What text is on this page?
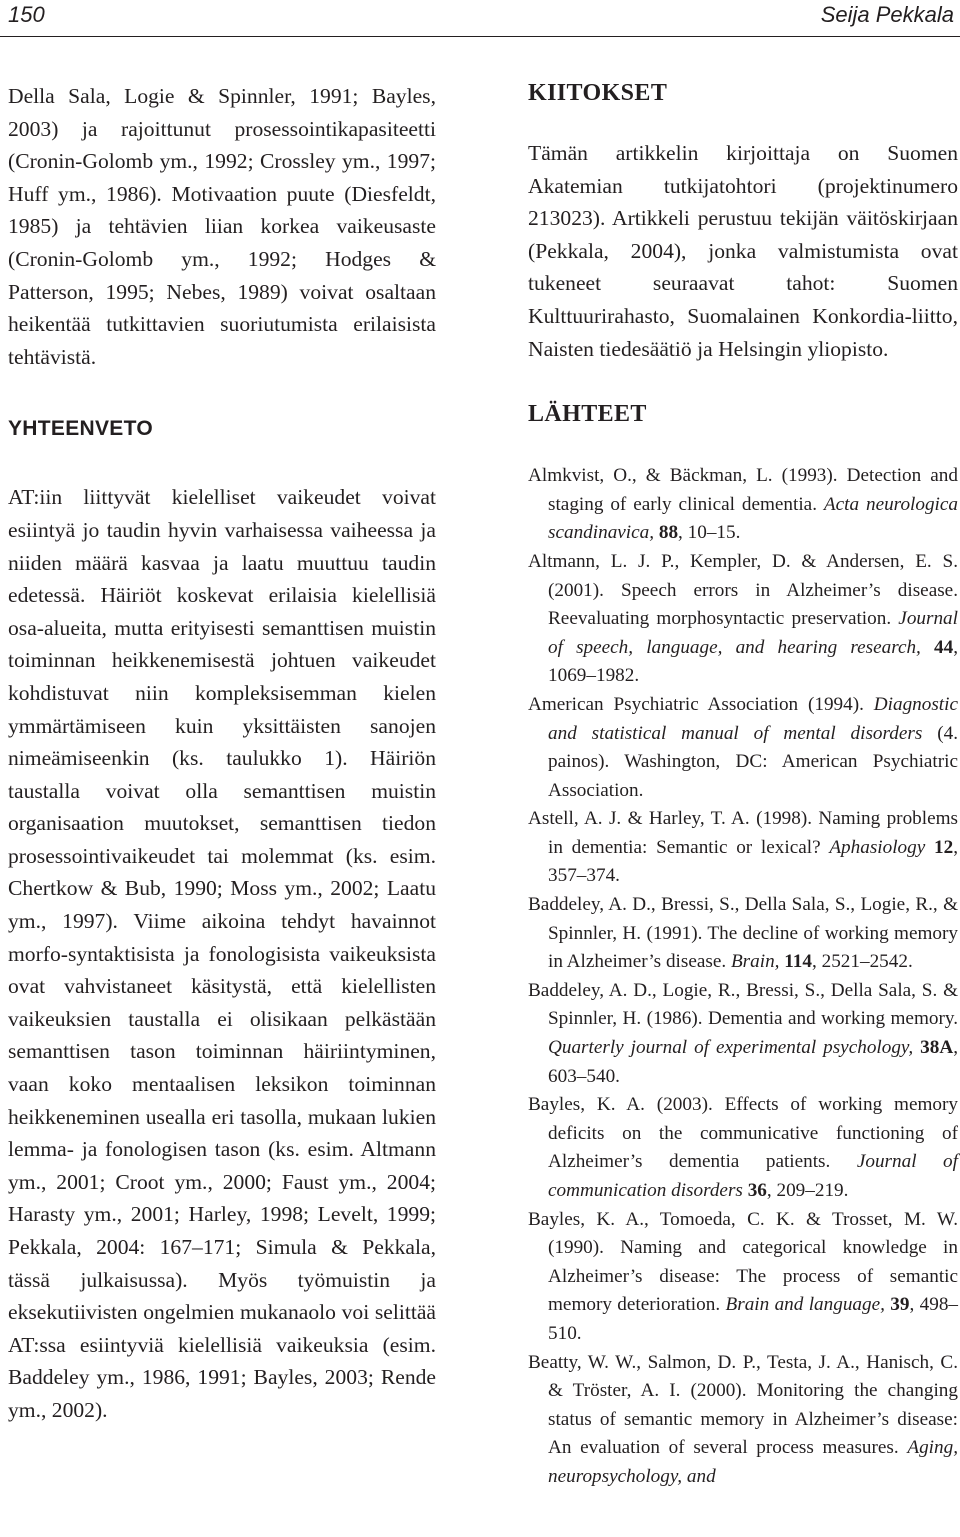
150	Seija Pekkala

Della Sala, Logie & Spinnler, 1991; Bayles, 2003) ja rajoittunut prosessointikapasiteetti (Cronin-Golomb ym., 1992; Crossley ym., 1997; Huff ym., 1986). Motivaation puute (Diesfeldt, 1985) ja tehtävien liian korkea vaikeusaste (Cronin-Golomb ym., 1992; Hodges & Patterson, 1995; Nebes, 1989) voivat osaltaan heikentää tutkittavien suoriutumista erilaisista tehtävistä.

YHTEENVETO

AT:iin liittyvät kielelliset vaikeudet voivat esiintyä jo taudin hyvin varhaisessa vaiheessa ja niiden määrä kasvaa ja laatu muuttuu taudin edetessä. Häiriöt koskevat erilaisia kielellisiä osa-alueita, mutta erityisesti semanttisen muistin toiminnan heikkenemisestä johtuen vaikeudet kohdistuvat niin kompleksisemman kielen ymmärtämiseen kuin yksittäisten sanojen nimeämiseenkin (ks. taulukko 1). Häiriön taustalla voivat olla semanttisen muistin organisaation muutokset, semanttisen tiedon prosessointivaikeudet tai molemmat (ks. esim. Chertkow & Bub, 1990; Moss ym., 2002; Laatu ym., 1997). Viime aikoina tehdyt havainnot morfo-syntaktisista ja fonologisista vaikeuksista ovat vahvistaneet käsitystä, että kielellisten vaikeuksien taustalla ei olisikaan pelkästään semanttisen tason toiminnan häiriintyminen, vaan koko mentaalisen leksikon toiminnan heikkeneminen usealla eri tasolla, mukaan lukien lemma- ja fonologisen tason (ks. esim. Altmann ym., 2001; Croot ym., 2000; Faust ym., 2004; Harasty ym., 2001; Harley, 1998; Levelt, 1999; Pekkala, 2004: 167–171; Simula & Pekkala, tässä julkaisussa). Myös työmuistin ja eksekutiivisten ongelmien mukanaolo voi selittää AT:ssa esiintyviä kielellisiä vaikeuksia (esim. Baddeley ym., 1986, 1991; Bayles, 2003; Rende ym., 2002).

KIITOKSET

Tämän artikkelin kirjoittaja on Suomen Akatemian tutkijatohtori (projektinumero 213023). Artikkeli perustuu tekijän väitöskirjaan (Pekkala, 2004), jonka valmistumista ovat tukeneet seuraavat tahot: Suomen Kulttuurirahasto, Suomalainen Konkordia-liitto, Naisten tiedesäätiö ja Helsingin yliopisto.

LÄHTEET
Almkvist, O., & Bäckman, L. (1993). Detection and staging of early clinical dementia. Acta neurologica scandinavica, 88, 10–15.
Altmann, L. J. P., Kempler, D. & Andersen, E. S. (2001). Speech errors in Alzheimer’s disease. Reevaluating morphosyntactic preservation. Journal of speech, language, and hearing research, 44, 1069–1982.
American Psychiatric Association (1994). Diagnostic and statistical manual of mental disorders (4. painos). Washington, DC: American Psychiatric Association.
Astell, A. J. & Harley, T. A. (1998). Naming problems in dementia: Semantic or lexical? Aphasiology 12, 357–374.
Baddeley, A. D., Bressi, S., Della Sala, S., Logie, R., & Spinnler, H. (1991). The decline of working memory in Alzheimer’s disease. Brain, 114, 2521–2542.
Baddeley, A. D., Logie, R., Bressi, S., Della Sala, S. & Spinnler, H. (1986). Dementia and working memory. Quarterly journal of experimental psychology, 38A, 603–540.
Bayles, K. A. (2003). Effects of working memory deficits on the communicative functioning of Alzheimer’s dementia patients. Journal of communication disorders 36, 209–219.
Bayles, K. A., Tomoeda, C. K. & Trosset, M. W. (1990). Naming and categorical knowledge in Alzheimer’s disease: The process of semantic memory deterioration. Brain and language, 39, 498–510.
Beatty, W. W., Salmon, D. P., Testa, J. A., Hanisch, C. & Tröster, A. I. (2000). Monitoring the changing status of semantic memory in Alzheimer’s disease: An evaluation of several process measures. Aging, neuropsychology, and
